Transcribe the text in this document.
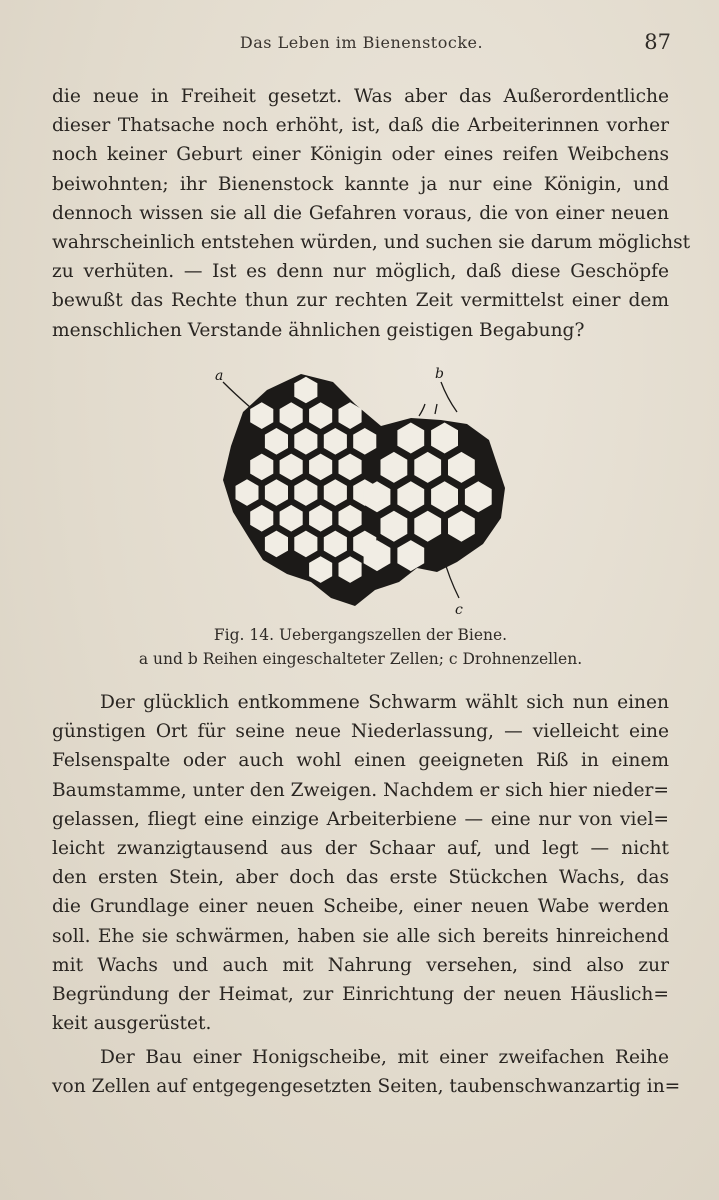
Das Leben im Bienenstocke.	87
die neue in Freiheit gesetzt. Was aber das Außerordentliche
dieser Thatsache noch erhöht, ist, daß die Arbeiterinnen vorher
noch keiner Geburt einer Königin oder eines reifen Weibchens
beiwohnten; ihr Bienenstock kannte ja nur eine Königin, und
dennoch wissen sie all die Gefahren voraus, die von einer neuen
wahrscheinlich entstehen würden, und suchen sie darum möglichst
zu verhüten. — Ist es denn nur möglich, daß diese Geschöpfe
bewußt das Rechte thun zur rechten Zeit vermittelst einer dem
menschlichen Verstande ähnlichen geistigen Begabung?
a	b
c
Fig. 14. Uebergangszellen der Biene.
a und b Reihen eingeschalteter Zellen; c Drohnenzellen.
Der glücklich entkommene Schwarm wählt sich nun einen
günstigen Ort für seine neue Niederlassung, — vielleicht eine
Felsenspalte oder auch wohl einen geeigneten Riß in einem
Baumstamme, unter den Zweigen. Nachdem er sich hier nieder=
gelassen, fliegt eine einzige Arbeiterbiene — eine nur von viel=
leicht zwanzigtausend aus der Schaar auf, und legt — nicht
den ersten Stein, aber doch das erste Stückchen Wachs, das
die Grundlage einer neuen Scheibe, einer neuen Wabe werden
soll. Ehe sie schwärmen, haben sie alle sich bereits hinreichend
mit Wachs und auch mit Nahrung versehen, sind also zur
Begründung der Heimat, zur Einrichtung der neuen Häuslich=
keit ausgerüstet.
Der Bau einer Honigscheibe, mit einer zweifachen Reihe
von Zellen auf entgegengesetzten Seiten, taubenschwanzartig in=
